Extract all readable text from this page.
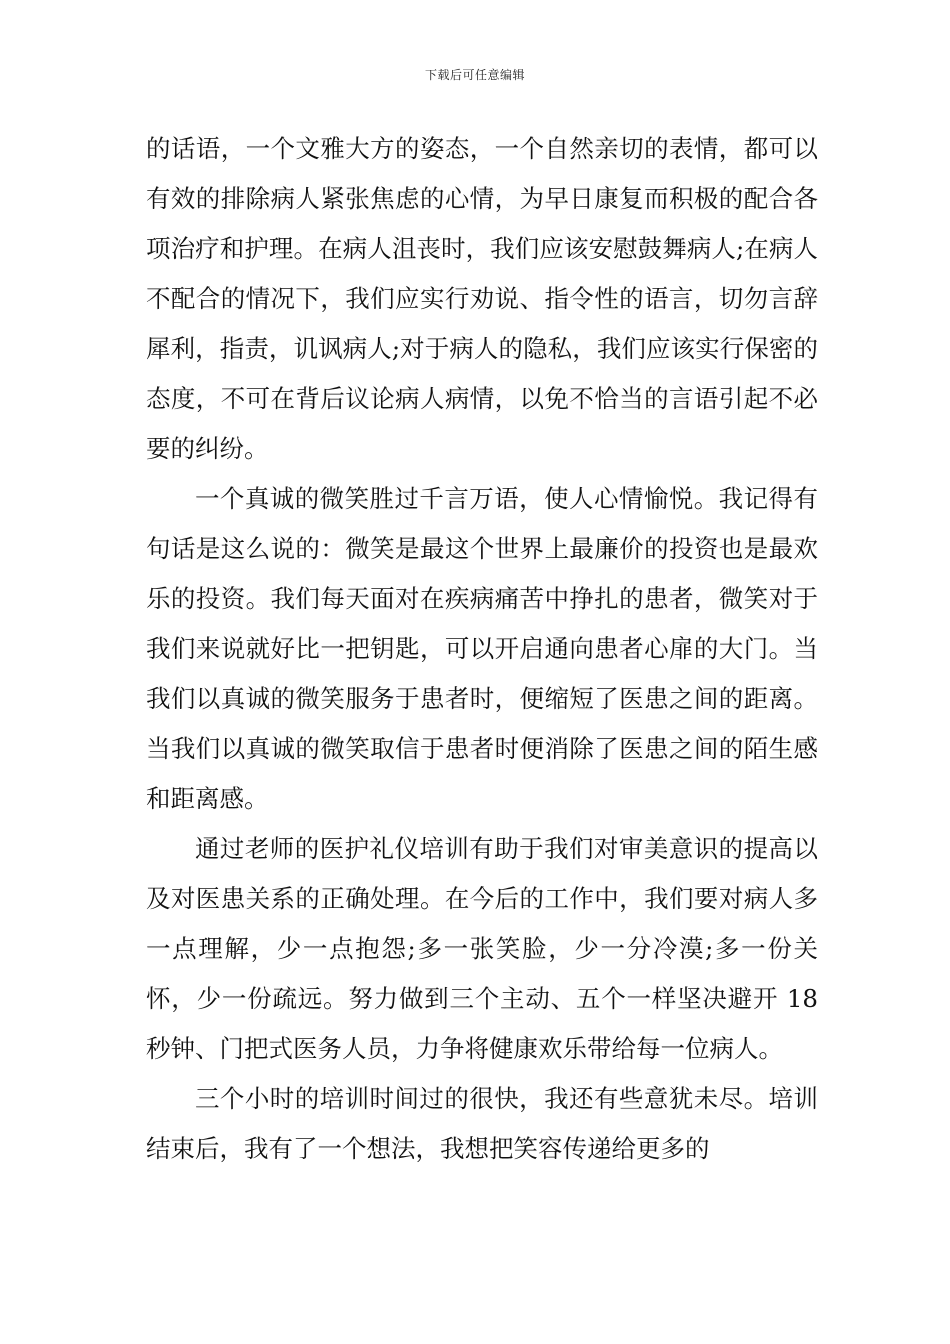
下载后可任意编辑

的话语，一个文雅大方的姿态，一个自然亲切的表情，都可以有效的排除病人紧张焦虑的心情，为早日康复而积极的配合各项治疗和护理。在病人沮丧时，我们应该安慰鼓舞病人;在病人不配合的情况下，我们应实行劝说、指令性的语言，切勿言辞犀利，指责，讥讽病人;对于病人的隐私，我们应该实行保密的态度，不可在背后议论病人病情，以免不恰当的言语引起不必要的纠纷。

一个真诚的微笑胜过千言万语，使人心情愉悦。我记得有句话是这么说的：微笑是最这个世界上最廉价的投资也是最欢乐的投资。我们每天面对在疾病痛苦中挣扎的患者，微笑对于我们来说就好比一把钥匙，可以开启通向患者心扉的大门。当我们以真诚的微笑服务于患者时，便缩短了医患之间的距离。当我们以真诚的微笑取信于患者时便消除了医患之间的陌生感和距离感。

通过老师的医护礼仪培训有助于我们对审美意识的提高以及对医患关系的正确处理。在今后的工作中，我们要对病人多一点理解，少一点抱怨;多一张笑脸，少一分冷漠;多一份关怀，少一份疏远。努力做到三个主动、五个一样坚决避开 18 秒钟、门把式医务人员，力争将健康欢乐带给每一位病人。

三个小时的培训时间过的很快，我还有些意犹未尽。培训结束后，我有了一个想法，我想把笑容传递给更多的
